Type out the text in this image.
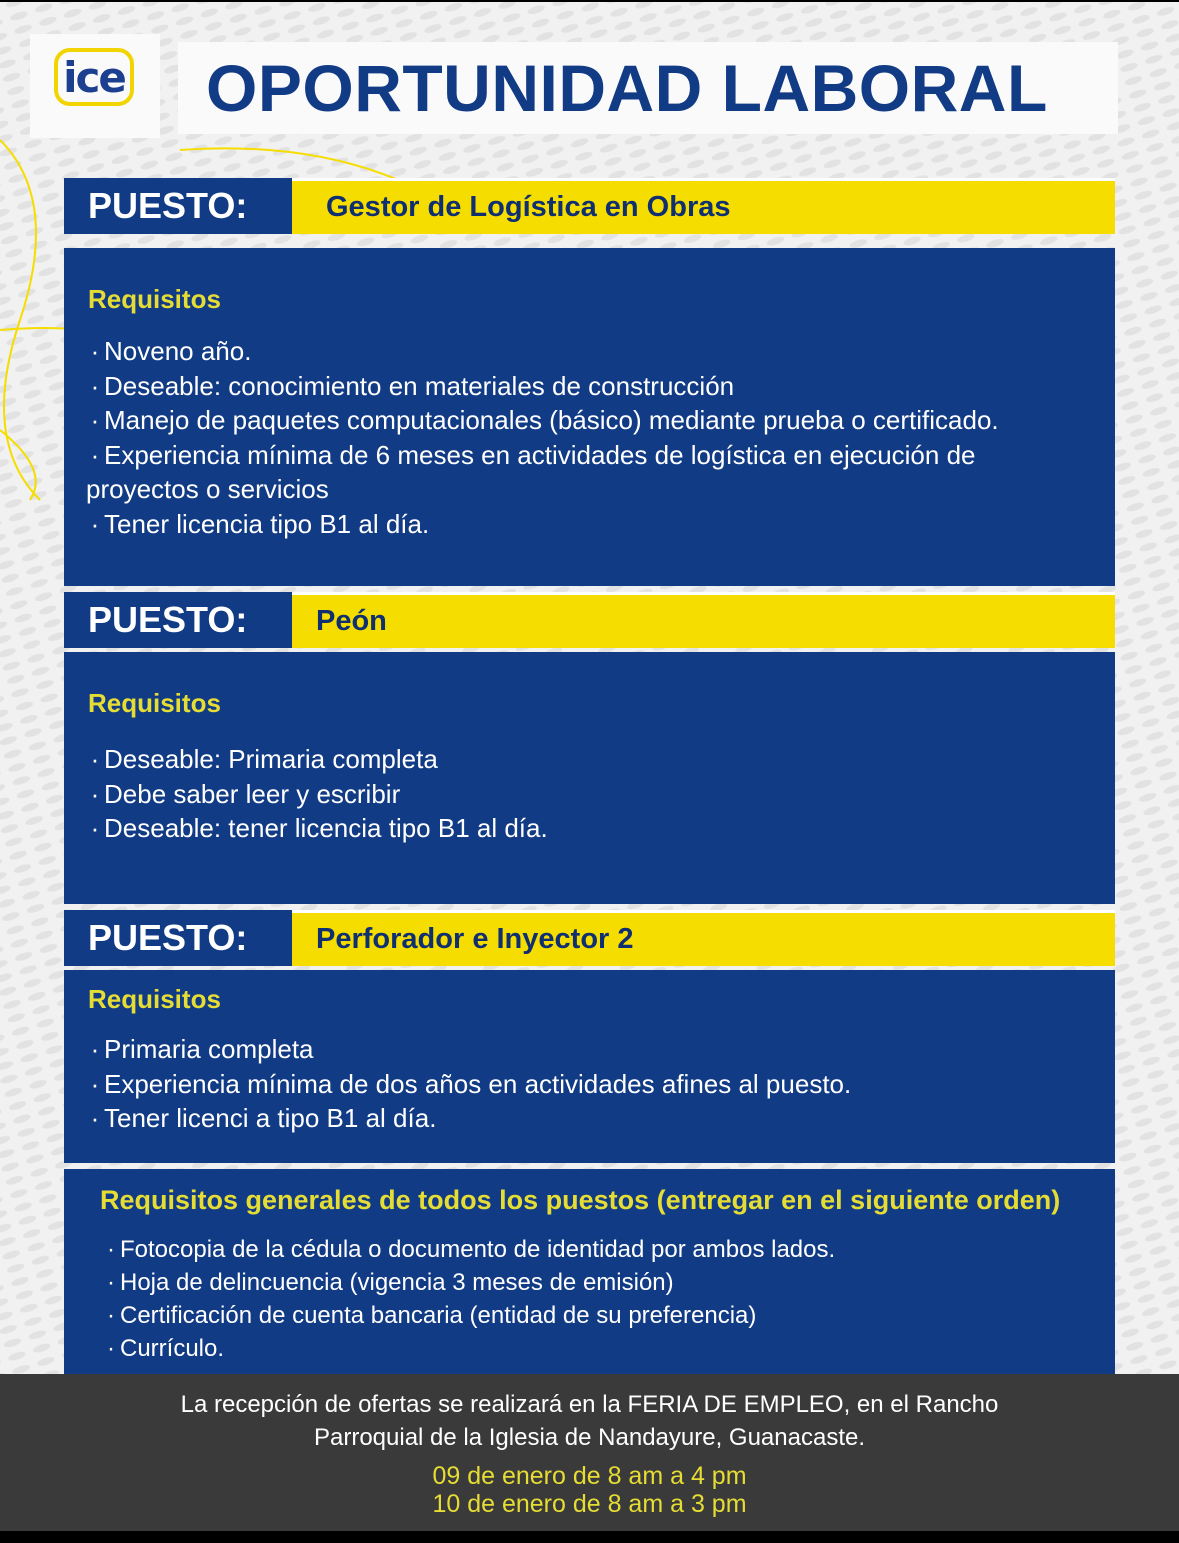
ice OPORTUNIDAD LABORAL
PUESTO:	Gestor de Logística en Obras
Requisitos
· Noveno año.
· Deseable: conocimiento en materiales de construcción
· Manejo de paquetes computacionales (básico) mediante prueba o certificado.
· Experiencia mínima de 6 meses en actividades de logística en ejecución de proyectos o servicios
· Tener licencia tipo B1 al día.
PUESTO:	Peón
Requisitos
· Deseable: Primaria completa
· Debe saber leer y escribir
· Deseable: tener licencia tipo B1 al día.
PUESTO:	Perforador e Inyector 2
Requisitos
· Primaria completa
· Experiencia mínima de dos años en actividades afines al puesto.
· Tener licenci a tipo B1 al día.
Requisitos generales de todos los puestos (entregar en el siguiente orden)
· Fotocopia de la cédula o documento de identidad por ambos lados.
· Hoja de delincuencia (vigencia 3 meses de emisión)
· Certificación de cuenta bancaria (entidad de su preferencia)
· Currículo.
La recepción de ofertas se realizará en la FERIA DE EMPLEO, en el Rancho
Parroquial de la Iglesia de Nandayure, Guanacaste.
09 de enero de 8 am a 4 pm
10 de enero de 8 am a 3 pm
